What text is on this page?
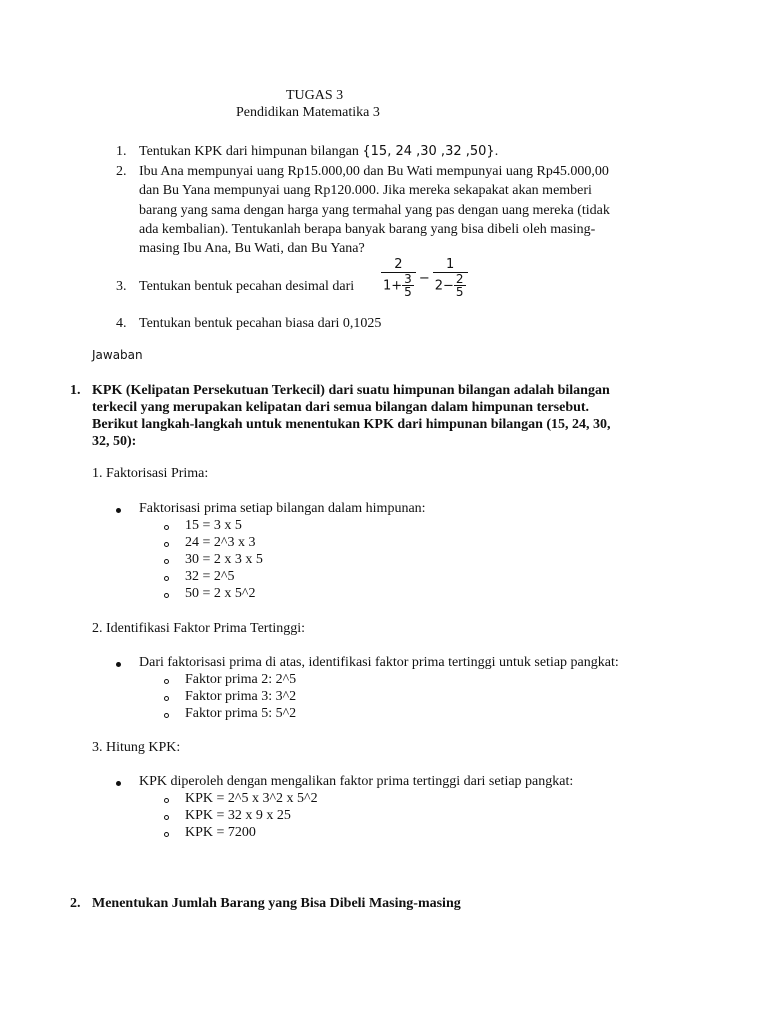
TUGAS 3
Pendidikan Matematika 3
1. Tentukan KPK dari himpunan bilangan {15, 24 ,30 ,32 ,50}.
2. Ibu Ana mempunyai uang Rp15.000,00 dan Bu Wati mempunyai uang Rp45.000,00
dan Bu Yana mempunyai uang Rp120.000. Jika mereka sekapakat akan memberi
barang yang sama dengan harga yang termahal yang pas dengan uang mereka (tidak
ada kembalian). Tentukanlah berapa banyak barang yang bisa dibeli oleh masing-
masing Ibu Ana, Bu Wati, dan Bu Yana?
3. Tentukan bentuk pecahan desimal dari $\frac{2}{1+ \frac{3}{5}} - \frac{1}{2- \frac{2}{5}}$
4. Tentukan bentuk pecahan biasa dari 0,1025
Jawaban
1. KPK (Kelipatan Persekutuan Terkecil) dari suatu himpunan bilangan adalah bilangan
terkecil yang merupakan kelipatan dari semua bilangan dalam himpunan tersebut.
Berikut langkah-langkah untuk menentukan KPK dari himpunan bilangan (15, 24, 30,
32, 50):
1. Faktorisasi Prima:
Faktorisasi prima setiap bilangan dalam himpunan:
15 = 3 x 5
24 = 2^3 x 3
30 = 2 x 3 x 5
32 = 2^5
50 = 2 x 5^2
2. Identifikasi Faktor Prima Tertinggi:
Dari faktorisasi prima di atas, identifikasi faktor prima tertinggi untuk setiap pangkat:
Faktor prima 2: 2^5
Faktor prima 3: 3^2
Faktor prima 5: 5^2
3. Hitung KPK:
KPK diperoleh dengan mengalikan faktor prima tertinggi dari setiap pangkat:
KPK = 2^5 x 3^2 x 5^2
KPK = 32 x 9 x 25
KPK = 7200
2. Menentukan Jumlah Barang yang Bisa Dibeli Masing-masing
